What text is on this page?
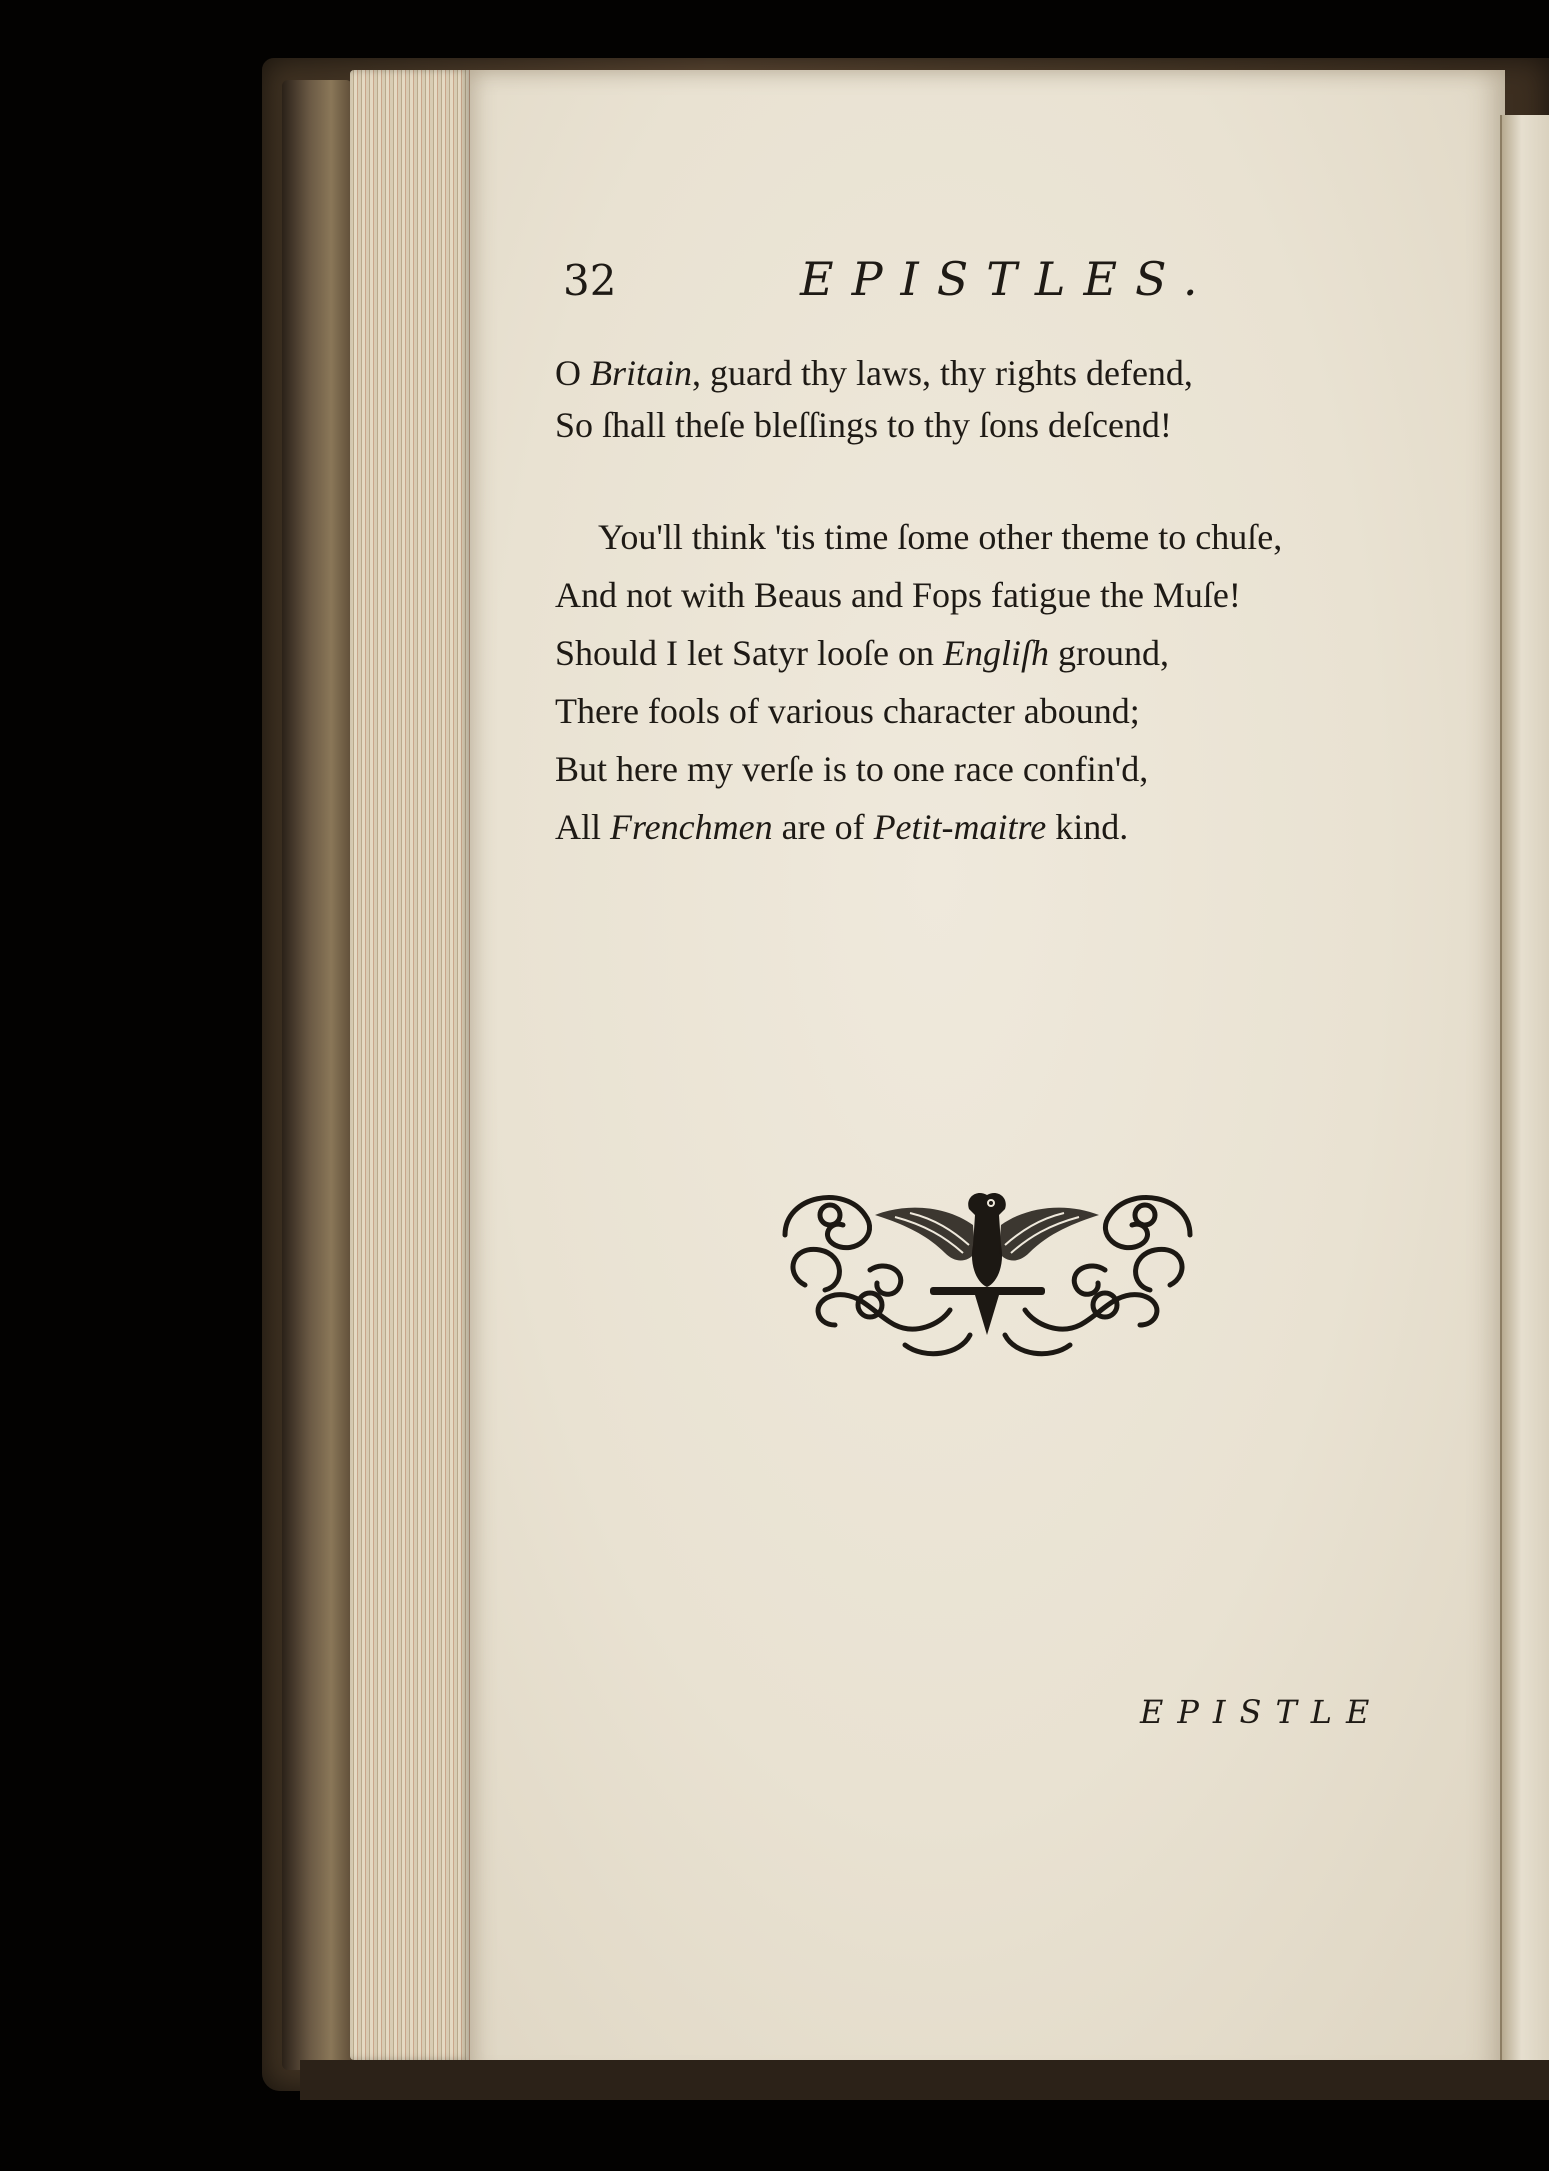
32	EPISTLES.
O Britain, guard thy laws, thy rights defend,
So ſhall theſe bleſſings to thy ſons deſcend!
You'll think 'tis time ſome other theme to chuſe,
And not with Beaus and Fops fatigue the Muſe!
Should I let Satyr looſe on Engliſh ground,
There fools of various character abound;
But here my verſe is to one race confin'd,
All Frenchmen are of Petit-maitre kind.
EPISTLE
